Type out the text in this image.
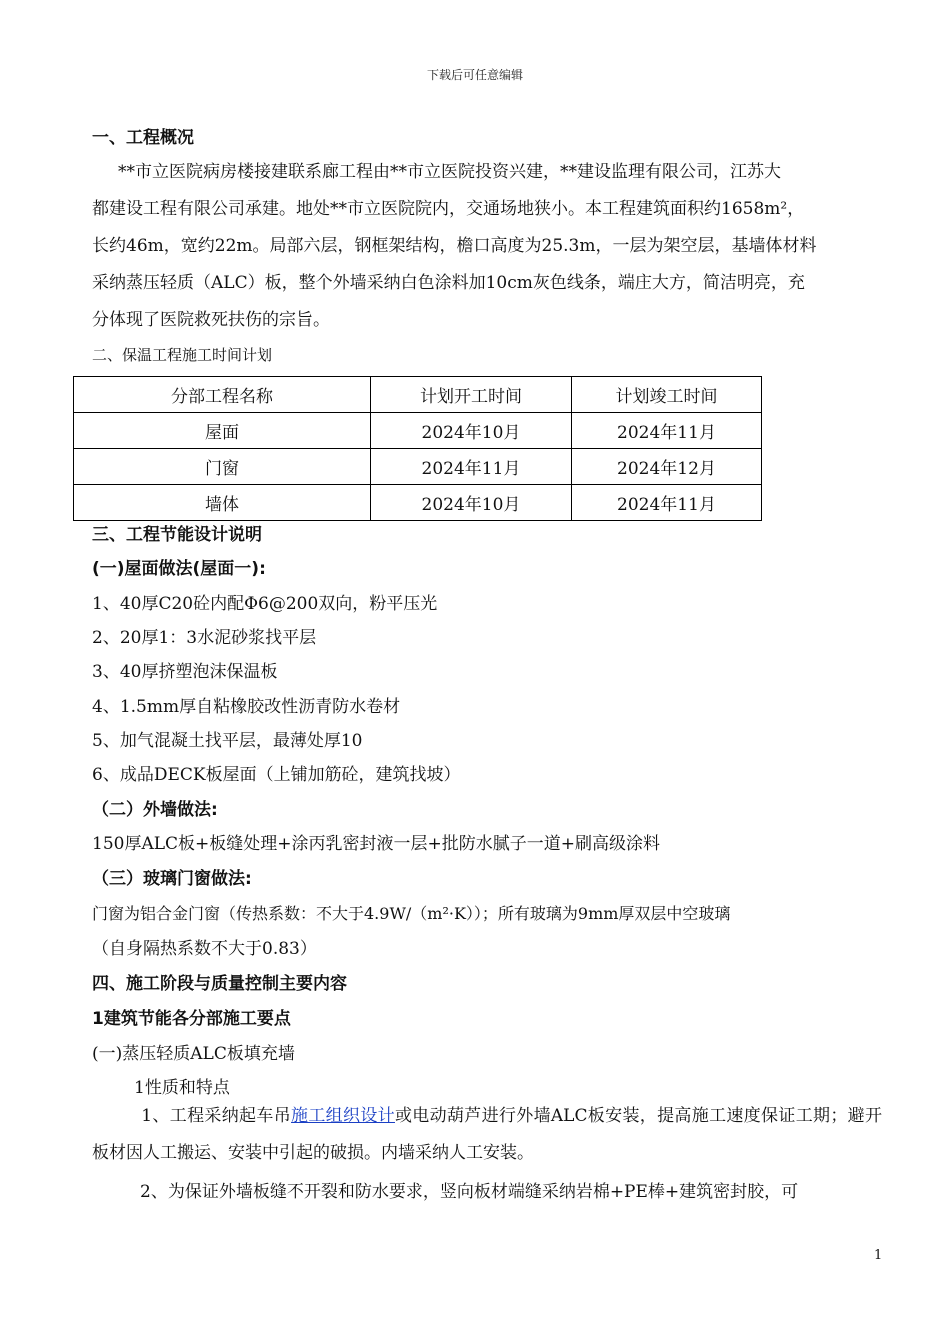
下载后可任意编辑
一、工程概况
**市立医院病房楼接建联系廊工程由**市立医院投资兴建，**建设监理有限公司，江苏大
都建设工程有限公司承建。地处**市立医院院内，交通场地狭小。本工程建筑面积约1658m²，
长约46m，宽约22m。局部六层，钢框架结构，檐口高度为25.3m，一层为架空层，基墙体材料
采纳蒸压轻质（ALC）板，整个外墙采纳白色涂料加10cm灰色线条，端庄大方，简洁明亮，充
分体现了医院救死扶伤的宗旨。
二、保温工程施工时间计划
分部工程名称	计划开工时间	计划竣工时间
屋面	2024年10月	2024年11月
门窗	2024年11月	2024年12月
墙体	2024年10月	2024年11月
三、工程节能设计说明
(一)屋面做法(屋面一):
1、40厚C20砼内配Φ6@200双向，粉平压光
2、20厚1：3水泥砂浆找平层
3、40厚挤塑泡沫保温板
4、1.5mm厚自粘橡胶改性沥青防水卷材
5、加气混凝土找平层，最薄处厚10
6、成品DECK板屋面（上铺加筋砼，建筑找坡）
（二）外墙做法:
150厚ALC板+板缝处理+涂丙乳密封液一层+批防水腻子一道+刷高级涂料
（三）玻璃门窗做法:
门窗为铝合金门窗（传热系数：不大于4.9W/（m²·K））；所有玻璃为9mm厚双层中空玻璃
（自身隔热系数不大于0.83）
四、施工阶段与质量控制主要内容
1建筑节能各分部施工要点
(一)蒸压轻质ALC板填充墙
1性质和特点
1、工程采纳起车吊施工组织设计或电动葫芦进行外墙ALC板安装，提高施工速度保证工期；避开板材因人工搬运、安装中引起的破损。内墙采纳人工安装。
2、为保证外墙板缝不开裂和防水要求，竖向板材端缝采纳岩棉+PE棒+建筑密封胶，可
1
